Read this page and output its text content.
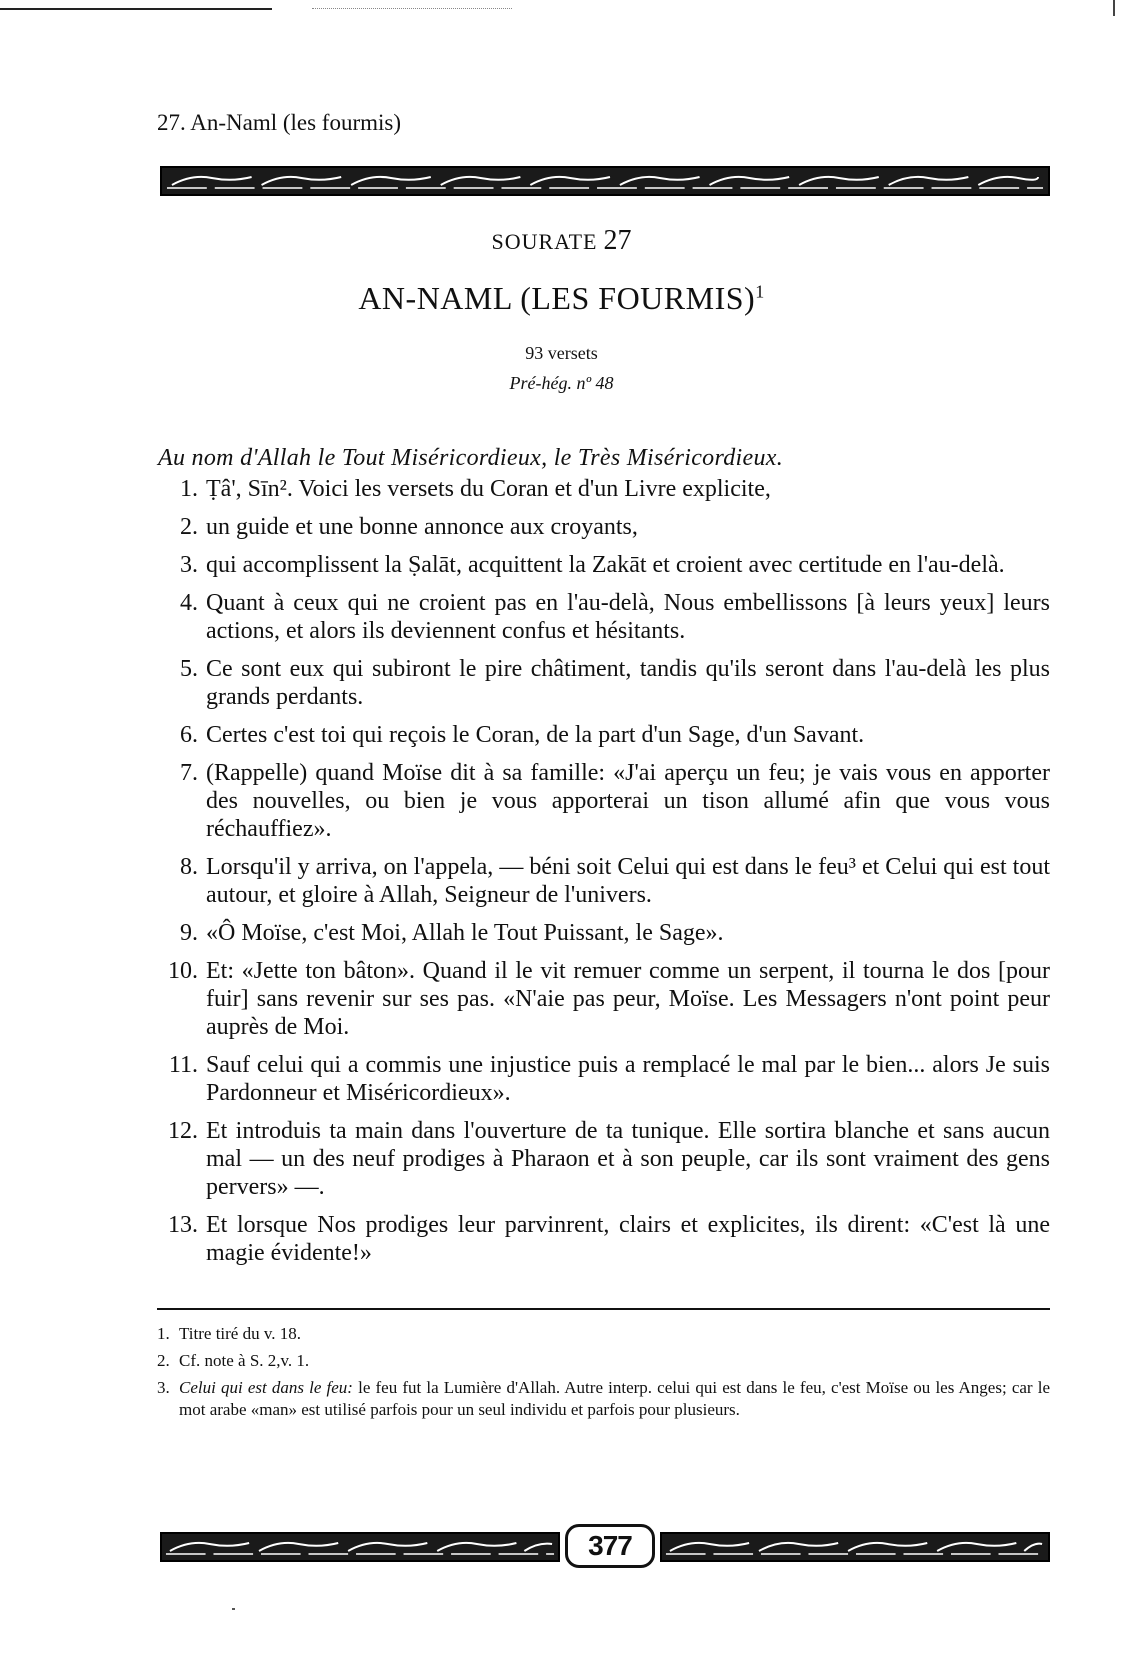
27. An-Naml (les fourmis)
SOURATE 27
AN-NAML (LES FOURMIS)$^1$
93 versets
Pré-hég. nº 48
Au nom d'Allah le Tout Miséricordieux, le Très Miséricordieux.
1. Ṭâ', Sīn². Voici les versets du Coran et d'un Livre explicite,
2. un guide et une bonne annonce aux croyants,
3. qui accomplissent la Ṣalāt, acquittent la Zakāt et croient avec certitude en l'au-delà.
4. Quant à ceux qui ne croient pas en l'au-delà, Nous embellissons [à leurs yeux] leurs actions, et alors ils deviennent confus et hésitants.
5. Ce sont eux qui subiront le pire châtiment, tandis qu'ils seront dans l'au-delà les plus grands perdants.
6. Certes c'est toi qui reçois le Coran, de la part d'un Sage, d'un Savant.
7. (Rappelle) quand Moïse dit à sa famille: «J'ai aperçu un feu; je vais vous en apporter des nouvelles, ou bien je vous apporterai un tison allumé afin que vous vous réchauffiez».
8. Lorsqu'il y arriva, on l'appela, — béni soit Celui qui est dans le feu³ et Celui qui est tout autour, et gloire à Allah, Seigneur de l'univers.
9. «Ô Moïse, c'est Moi, Allah le Tout Puissant, le Sage».
10. Et: «Jette ton bâton». Quand il le vit remuer comme un serpent, il tourna le dos [pour fuir] sans revenir sur ses pas. «N'aie pas peur, Moïse. Les Messagers n'ont point peur auprès de Moi.
11. Sauf celui qui a commis une injustice puis a remplacé le mal par le bien... alors Je suis Pardonneur et Miséricordieux».
12. Et introduis ta main dans l'ouverture de ta tunique. Elle sortira blanche et sans aucun mal — un des neuf prodiges à Pharaon et à son peuple, car ils sont vraiment des gens pervers» —.
13. Et lorsque Nos prodiges leur parvinrent, clairs et explicites, ils dirent: «C'est là une magie évidente!»
1. Titre tiré du v. 18.
2. Cf. note à S. 2,v. 1.
3. Celui qui est dans le feu: le feu fut la Lumière d'Allah. Autre interp. celui qui est dans le feu, c'est Moïse ou les Anges; car le mot arabe «man» est utilisé parfois pour un seul individu et parfois pour plusieurs.
377
